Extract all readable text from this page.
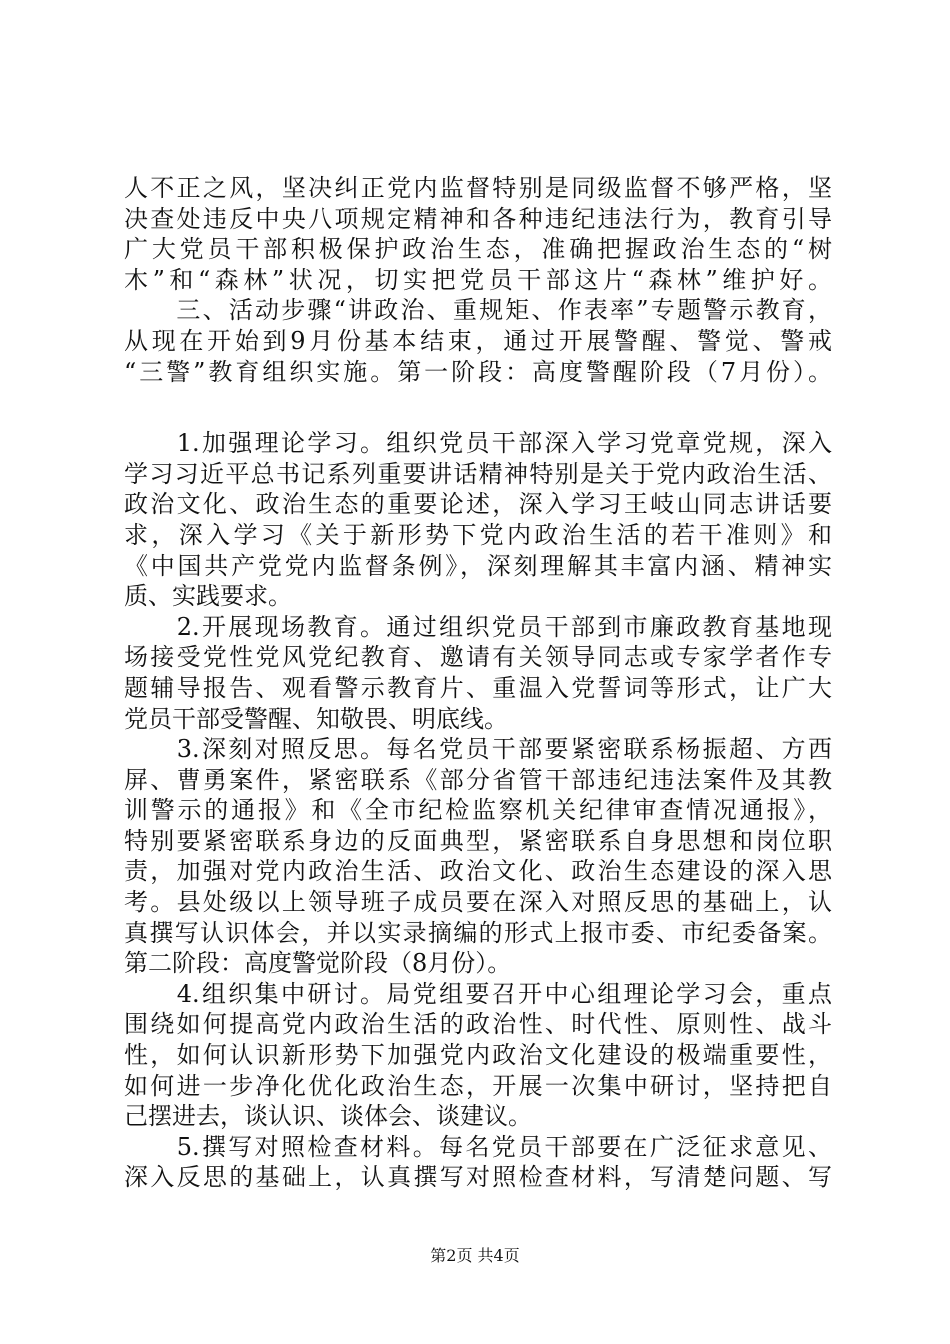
人不正之风，坚决纠正党内监督特别是同级监督不够严格，坚
决查处违反中央八项规定精神和各种违纪违法行为，教育引导
广大党员干部积极保护政治生态，准确把握政治生态的“树
木”和“森林”状况，切实把党员干部这片“森林”维护好。
　　三、活动步骤“讲政治、重规矩、作表率”专题警示教育，
从现在开始到9月份基本结束，通过开展警醒、警觉、警戒
“三警”教育组织实施。第一阶段：高度警醒阶段（7月份）。
　　1.加强理论学习。组织党员干部深入学习党章党规，深入
学习习近平总书记系列重要讲话精神特别是关于党内政治生活、
政治文化、政治生态的重要论述，深入学习王岐山同志讲话要
求，深入学习《关于新形势下党内政治生活的若干准则》和
《中国共产党党内监督条例》，深刻理解其丰富内涵、精神实
质、实践要求。
　　2.开展现场教育。通过组织党员干部到市廉政教育基地现
场接受党性党风党纪教育、邀请有关领导同志或专家学者作专
题辅导报告、观看警示教育片、重温入党誓词等形式，让广大
党员干部受警醒、知敬畏、明底线。
　　3.深刻对照反思。每名党员干部要紧密联系杨振超、方西
屏、曹勇案件，紧密联系《部分省管干部违纪违法案件及其教
训警示的通报》和《全市纪检监察机关纪律审查情况通报》，
特别要紧密联系身边的反面典型，紧密联系自身思想和岗位职
责，加强对党内政治生活、政治文化、政治生态建设的深入思
考。县处级以上领导班子成员要在深入对照反思的基础上，认
真撰写认识体会，并以实录摘编的形式上报市委、市纪委备案。
第二阶段：高度警觉阶段（8月份）。
　　4.组织集中研讨。局党组要召开中心组理论学习会，重点
围绕如何提高党内政治生活的政治性、时代性、原则性、战斗
性，如何认识新形势下加强党内政治文化建设的极端重要性，
如何进一步净化优化政治生态，开展一次集中研讨，坚持把自
己摆进去，谈认识、谈体会、谈建议。
　　5.撰写对照检查材料。每名党员干部要在广泛征求意见、
深入反思的基础上，认真撰写对照检查材料，写清楚问题、写
第2页 共4页
